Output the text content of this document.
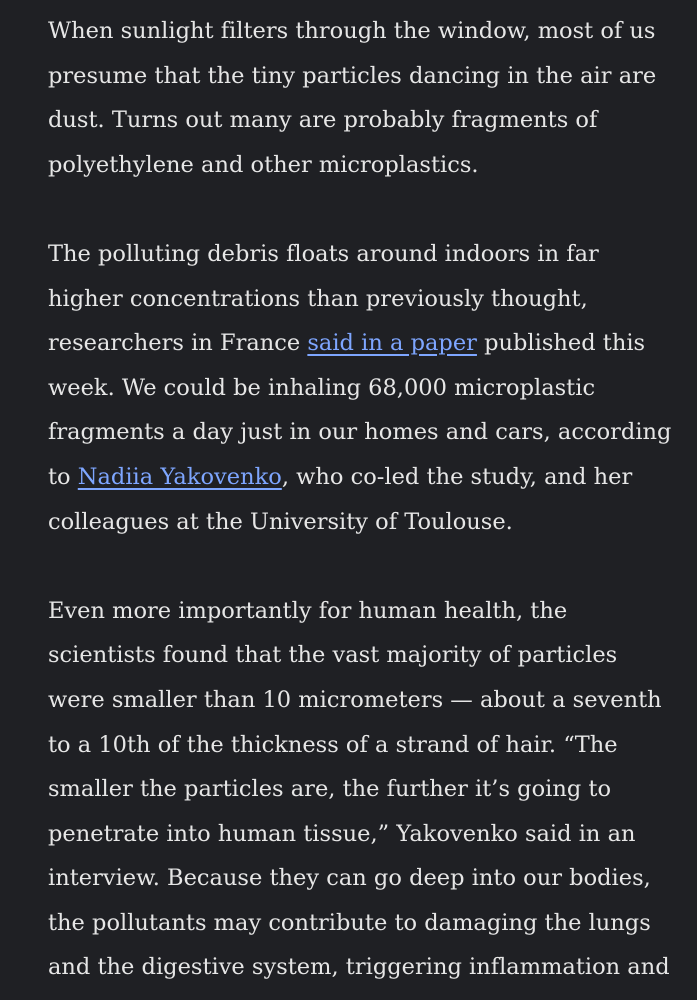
When sunlight filters through the window, most of us
presume that the tiny particles dancing in the air are
dust. Turns out many are probably fragments of
polyethylene and other microplastics.

The polluting debris floats around indoors in far
higher concentrations than previously thought,
researchers in France said in a paper published this
week. We could be inhaling 68,000 microplastic
fragments a day just in our homes and cars, according
to Nadiia Yakovenko, who co-led the study, and her
colleagues at the University of Toulouse.

Even more importantly for human health, the
scientists found that the vast majority of particles
were smaller than 10 micrometers — about a seventh
to a 10th of the thickness of a strand of hair. “The
smaller the particles are, the further it’s going to
penetrate into human tissue,” Yakovenko said in an
interview. Because they can go deep into our bodies,
the pollutants may contribute to damaging the lungs
and the digestive system, triggering inflammation and
